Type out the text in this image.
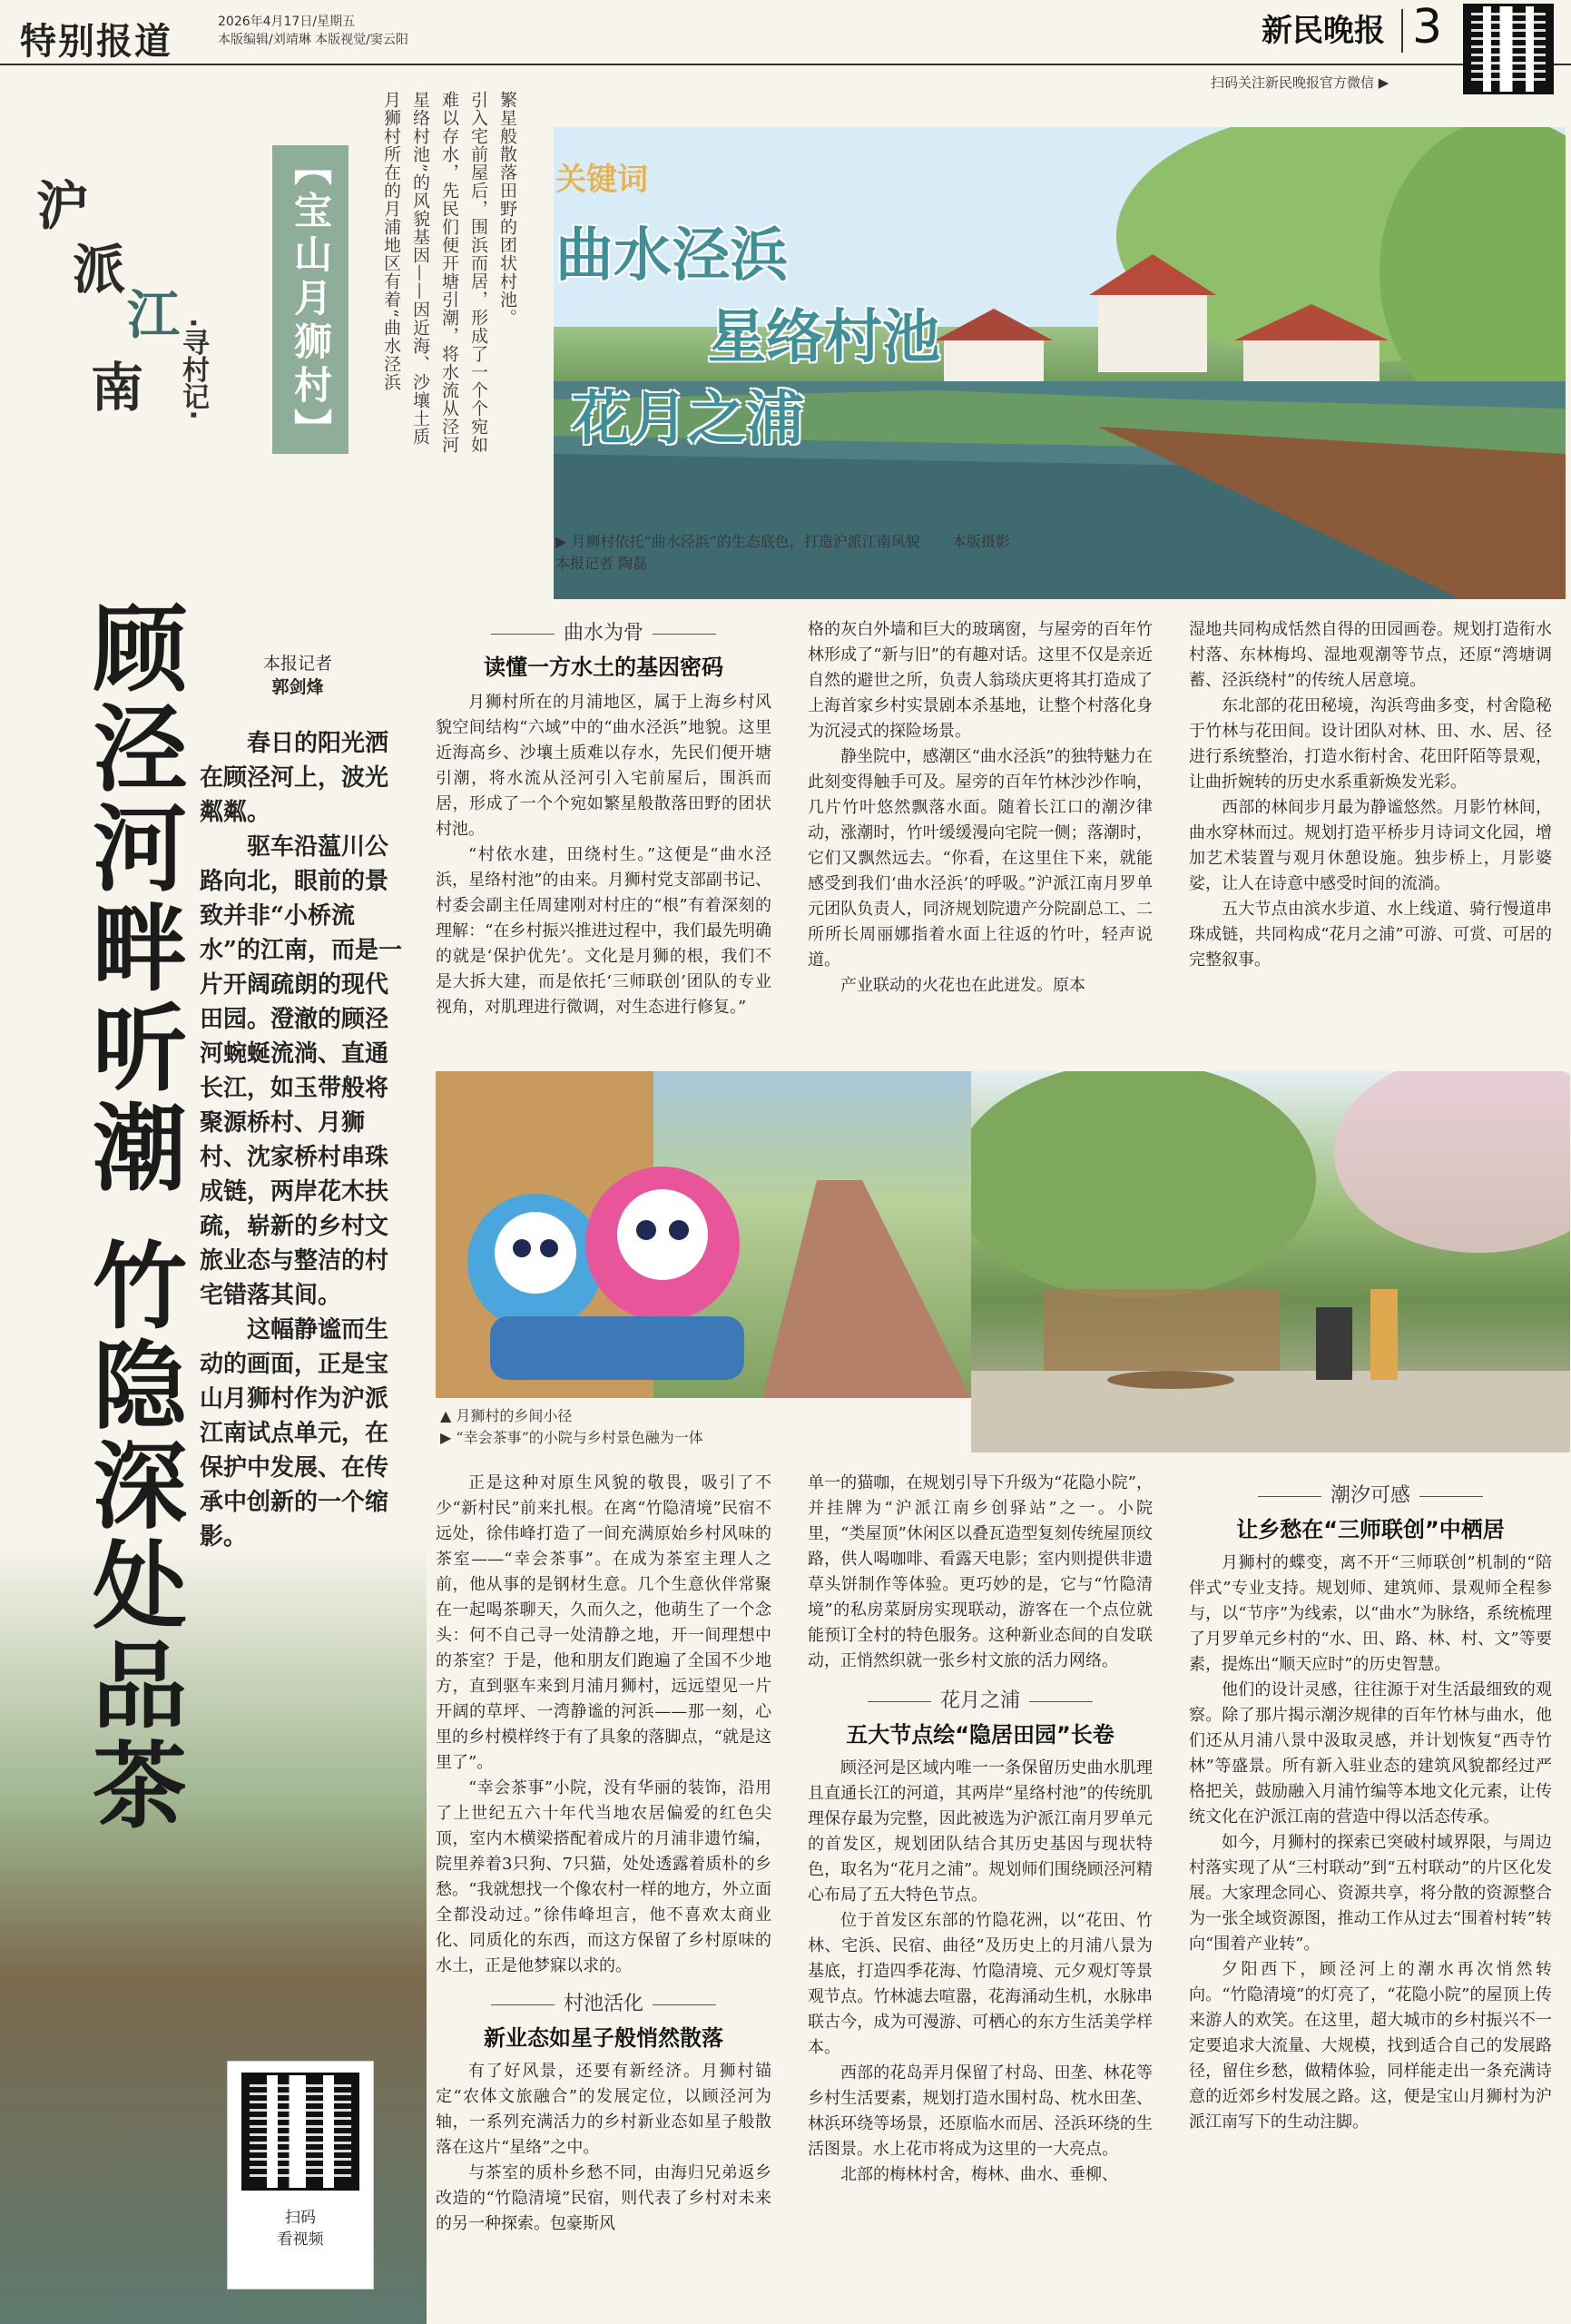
特别报道	2026年4月17日/星期五
本版编辑/刘靖琳 本版视觉/窦云阳	新民晚报 3
扫码关注新民晚报官方微信 ▶
沪
派
江
南 ·寻村记·	【宝山月狮村】	繁星般散落田野的团状村池。
引入宅前屋后，围浜而居，形成了一个个宛如
难以存水，先民们便开塘引潮，将水流从泾河
星络村池”的风貌基因——因近海、沙壤土质
月狮村所在的月浦地区有着“曲水泾浜	关键词
曲水泾浜
星络村池
花月之浦
▶ 月狮村依托“曲水泾浜”的生态底色，打造沪派江南风貌 本版摄影 本报记者 陶磊
顾泾河畔听潮 竹隐深处品茶	本报记者
郭剑烽

春日的阳光洒在顾泾河上，波光粼粼。

驱车沿蕰川公路向北，眼前的景致并非“小桥流水”的江南，而是一片开阔疏朗的现代田园。澄澈的顾泾河蜿蜒流淌、直通长江，如玉带般将聚源桥村、月狮村、沈家桥村串珠成链，两岸花木扶疏，崭新的乡村文旅业态与整洁的村宅错落其间。

这幅静谧而生动的画面，正是宝山月狮村作为沪派江南试点单元，在保护中发展、在传承中创新的一个缩影。

曲水为骨
读懂一方水土的基因密码

月狮村所在的月浦地区，属于上海乡村风貌空间结构“六域”中的“曲水泾浜”地貌。这里近海高乡、沙壤土质难以存水，先民们便开塘引潮，将水流从泾河引入宅前屋后，围浜而居，形成了一个个宛如繁星般散落田野的团状村池。

“村依水建，田绕村生。”这便是“曲水泾浜，星络村池”的由来。月狮村党支部副书记、村委会副主任周建刚对村庄的“根”有着深刻的理解：“在乡村振兴推进过程中，我们最先明确的就是‘保护优先’。文化是月狮的根，我们不是大拆大建，而是依托‘三师联创’团队的专业视角，对肌理进行微调，对生态进行修复。”

格的灰白外墙和巨大的玻璃窗，与屋旁的百年竹林形成了“新与旧”的有趣对话。这里不仅是亲近自然的避世之所，负责人翁琰庆更将其打造成了上海首家乡村实景剧本杀基地，让整个村落化身为沉浸式的探险场景。

静坐院中，感潮区“曲水泾浜”的独特魅力在此刻变得触手可及。屋旁的百年竹林沙沙作响，几片竹叶悠然飘落水面。随着长江口的潮汐律动，涨潮时，竹叶缓缓漫向宅院一侧；落潮时，它们又飘然远去。“你看，在这里住下来，就能感受到我们‘曲水泾浜’的呼吸。”沪派江南月罗单元团队负责人，同济规划院遗产分院副总工、二所所长周丽娜指着水面上往返的竹叶，轻声说道。

产业联动的火花也在此迸发。原本

湿地共同构成恬然自得的田园画卷。规划打造衔水村落、东林梅坞、湿地观潮等节点，还原“湾塘调蓄、泾浜绕村”的传统人居意境。

东北部的花田秘境，沟浜弯曲多变，村舍隐秘于竹林与花田间。设计团队对林、田、水、居、径进行系统整治，打造水衔村舍、花田阡陌等景观，让曲折婉转的历史水系重新焕发光彩。

西部的林间步月最为静谧悠然。月影竹林间，曲水穿林而过。规划打造平桥步月诗词文化园，增加艺术装置与观月休憩设施。独步桥上，月影婆娑，让人在诗意中感受时间的流淌。

五大节点由滨水步道、水上线道、骑行慢道串珠成链，共同构成“花月之浦”可游、可赏、可居的完整叙事。

▲ 月狮村的乡间小径
▶ “幸会茶事”的小院与乡村景色融为一体

正是这种对原生风貌的敬畏，吸引了不少“新村民”前来扎根。在离“竹隐清境”民宿不远处，徐伟峰打造了一间充满原始乡村风味的茶室——“幸会茶事”。在成为茶室主理人之前，他从事的是钢材生意。几个生意伙伴常聚在一起喝茶聊天，久而久之，他萌生了一个念头：何不自己寻一处清静之地，开一间理想中的茶室？于是，他和朋友们跑遍了全国不少地方，直到驱车来到月浦月狮村，远远望见一片开阔的草坪、一湾静谧的河浜——那一刻，心里的乡村模样终于有了具象的落脚点，“就是这里了”。

“幸会茶事”小院，没有华丽的装饰，沿用了上世纪五六十年代当地农居偏爱的红色尖顶，室内木横梁搭配着成片的月浦非遗竹编，院里养着3只狗、7只猫，处处透露着质朴的乡愁。“我就想找一个像农村一样的地方，外立面全都没动过。”徐伟峰坦言，他不喜欢太商业化、同质化的东西，而这方保留了乡村原味的水土，正是他梦寐以求的。

村池活化
新业态如星子般悄然散落

有了好风景，还要有新经济。月狮村锚定“农体文旅融合”的发展定位，以顾泾河为轴，一系列充满活力的乡村新业态如星子般散落在这片“星络”之中。

与茶室的质朴乡愁不同，由海归兄弟返乡改造的“竹隐清境”民宿，则代表了乡村对未来的另一种探索。包豪斯风

单一的猫咖，在规划引导下升级为“花隐小院”，并挂牌为“沪派江南乡创驿站”之一。小院里，“类屋顶”休闲区以叠瓦造型复刻传统屋顶纹路，供人喝咖啡、看露天电影；室内则提供非遗草头饼制作等体验。更巧妙的是，它与“竹隐清境”的私房菜厨房实现联动，游客在一个点位就能预订全村的特色服务。这种新业态间的自发联动，正悄然织就一张乡村文旅的活力网络。

花月之浦
五大节点绘“隐居田园”长卷

顾泾河是区域内唯一一条保留历史曲水肌理且直通长江的河道，其两岸“星络村池”的传统肌理保存最为完整，因此被选为沪派江南月罗单元的首发区，规划团队结合其历史基因与现状特色，取名为“花月之浦”。规划师们围绕顾泾河精心布局了五大特色节点。

位于首发区东部的竹隐花洲，以“花田、竹林、宅浜、民宿、曲径”及历史上的月浦八景为基底，打造四季花海、竹隐清境、元夕观灯等景观节点。竹林滤去喧嚣，花海涌动生机，水脉串联古今，成为可漫游、可栖心的东方生活美学样本。

西部的花岛弄月保留了村岛、田垄、林花等乡村生活要素，规划打造水围村岛、枕水田垄、林浜环绕等场景，还原临水而居、泾浜环绕的生活图景。水上花市将成为这里的一大亮点。

北部的梅林村舍，梅林、曲水、垂柳、

潮汐可感
让乡愁在“三师联创”中栖居

月狮村的蝶变，离不开“三师联创”机制的“陪伴式”专业支持。规划师、建筑师、景观师全程参与，以“节序”为线索，以“曲水”为脉络，系统梳理了月罗单元乡村的“水、田、路、林、村、文”等要素，提炼出“顺天应时”的历史智慧。

他们的设计灵感，往往源于对生活最细致的观察。除了那片揭示潮汐规律的百年竹林与曲水，他们还从月浦八景中汲取灵感，并计划恢复“西寺竹林”等盛景。所有新入驻业态的建筑风貌都经过严格把关，鼓励融入月浦竹编等本地文化元素，让传统文化在沪派江南的营造中得以活态传承。

如今，月狮村的探索已突破村域界限，与周边村落实现了从“三村联动”到“五村联动”的片区化发展。大家理念同心、资源共享，将分散的资源整合为一张全域资源图，推动工作从过去“围着村转”转向“围着产业转”。

夕阳西下，顾泾河上的潮水再次悄然转向。“竹隐清境”的灯亮了，“花隐小院”的屋顶上传来游人的欢笑。在这里，超大城市的乡村振兴不一定要追求大流量、大规模，找到适合自己的发展路径，留住乡愁，做精体验，同样能走出一条充满诗意的近郊乡村发展之路。这，便是宝山月狮村为沪派江南写下的生动注脚。

扫码
看视频
